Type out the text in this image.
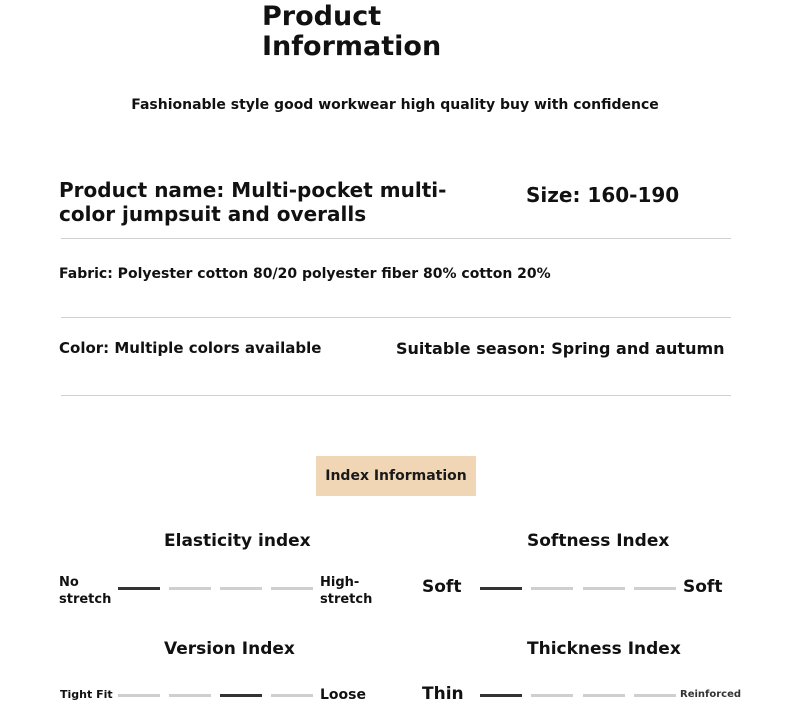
Product Information
Fashionable style good workwear high quality buy with confidence
Product name: Multi-pocket multi-color jumpsuit and overalls
Size: 160-190
Fabric: Polyester cotton 80/20 polyester fiber 80% cotton 20%
Color: Multiple colors available	Suitable season: Spring and autumn
Index Information
Elasticity index
No stretch
High-stretch
Softness Index
Soft	Soft
Version Index
Tight Fit	Loose
Thickness Index
Thin	Reinforced
